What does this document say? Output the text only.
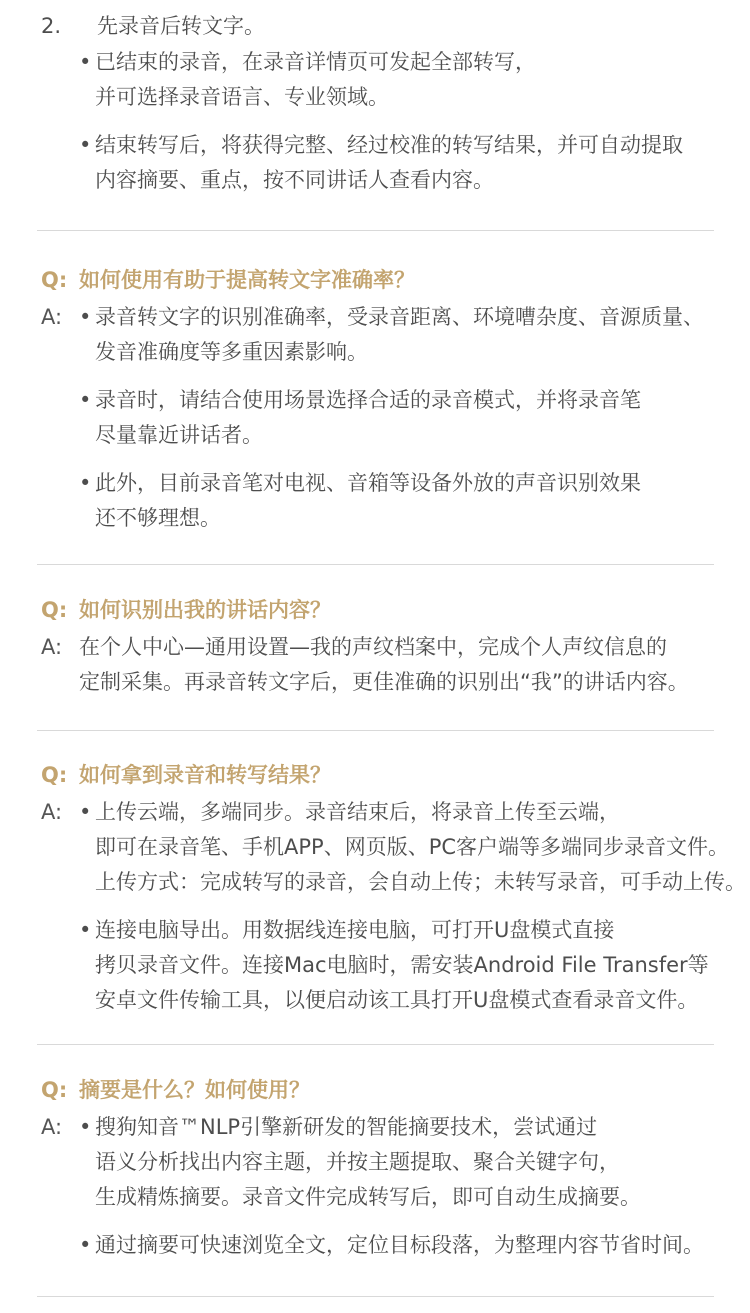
2. 先录音后转文字。
• 已结束的录音，在录音详情页可发起全部转写，
并可选择录音语言、专业领域。
• 结束转写后，将获得完整、经过校准的转写结果，并可自动提取
内容摘要、重点，按不同讲话人查看内容。
Q: 如何使用有助于提高转文字准确率？
A: • 录音转文字的识别准确率，受录音距离、环境嘈杂度、音源质量、
发音准确度等多重因素影响。
• 录音时，请结合使用场景选择合适的录音模式，并将录音笔
尽量靠近讲话者。
• 此外，目前录音笔对电视、音箱等设备外放的声音识别效果
还不够理想。
Q: 如何识别出我的讲话内容？
A: 在个人中心—通用设置—我的声纹档案中，完成个人声纹信息的
定制采集。再录音转文字后，更佳准确的识别出“我”的讲话内容。
Q: 如何拿到录音和转写结果？
A: • 上传云端，多端同步。录音结束后，将录音上传至云端，
即可在录音笔、手机APP、网页版、PC客户端等多端同步录音文件。
上传方式：完成转写的录音，会自动上传；未转写录音，可手动上传。
• 连接电脑导出。用数据线连接电脑，可打开U盘模式直接
拷贝录音文件。连接Mac电脑时，需安装Android File Transfer等
安卓文件传输工具，以便启动该工具打开U盘模式查看录音文件。
Q: 摘要是什么？如何使用？
A: • 搜狗知音™NLP引擎新研发的智能摘要技术，尝试通过
语义分析找出内容主题，并按主题提取、聚合关键字句，
生成精炼摘要。录音文件完成转写后，即可自动生成摘要。
• 通过摘要可快速浏览全文，定位目标段落，为整理内容节省时间。
